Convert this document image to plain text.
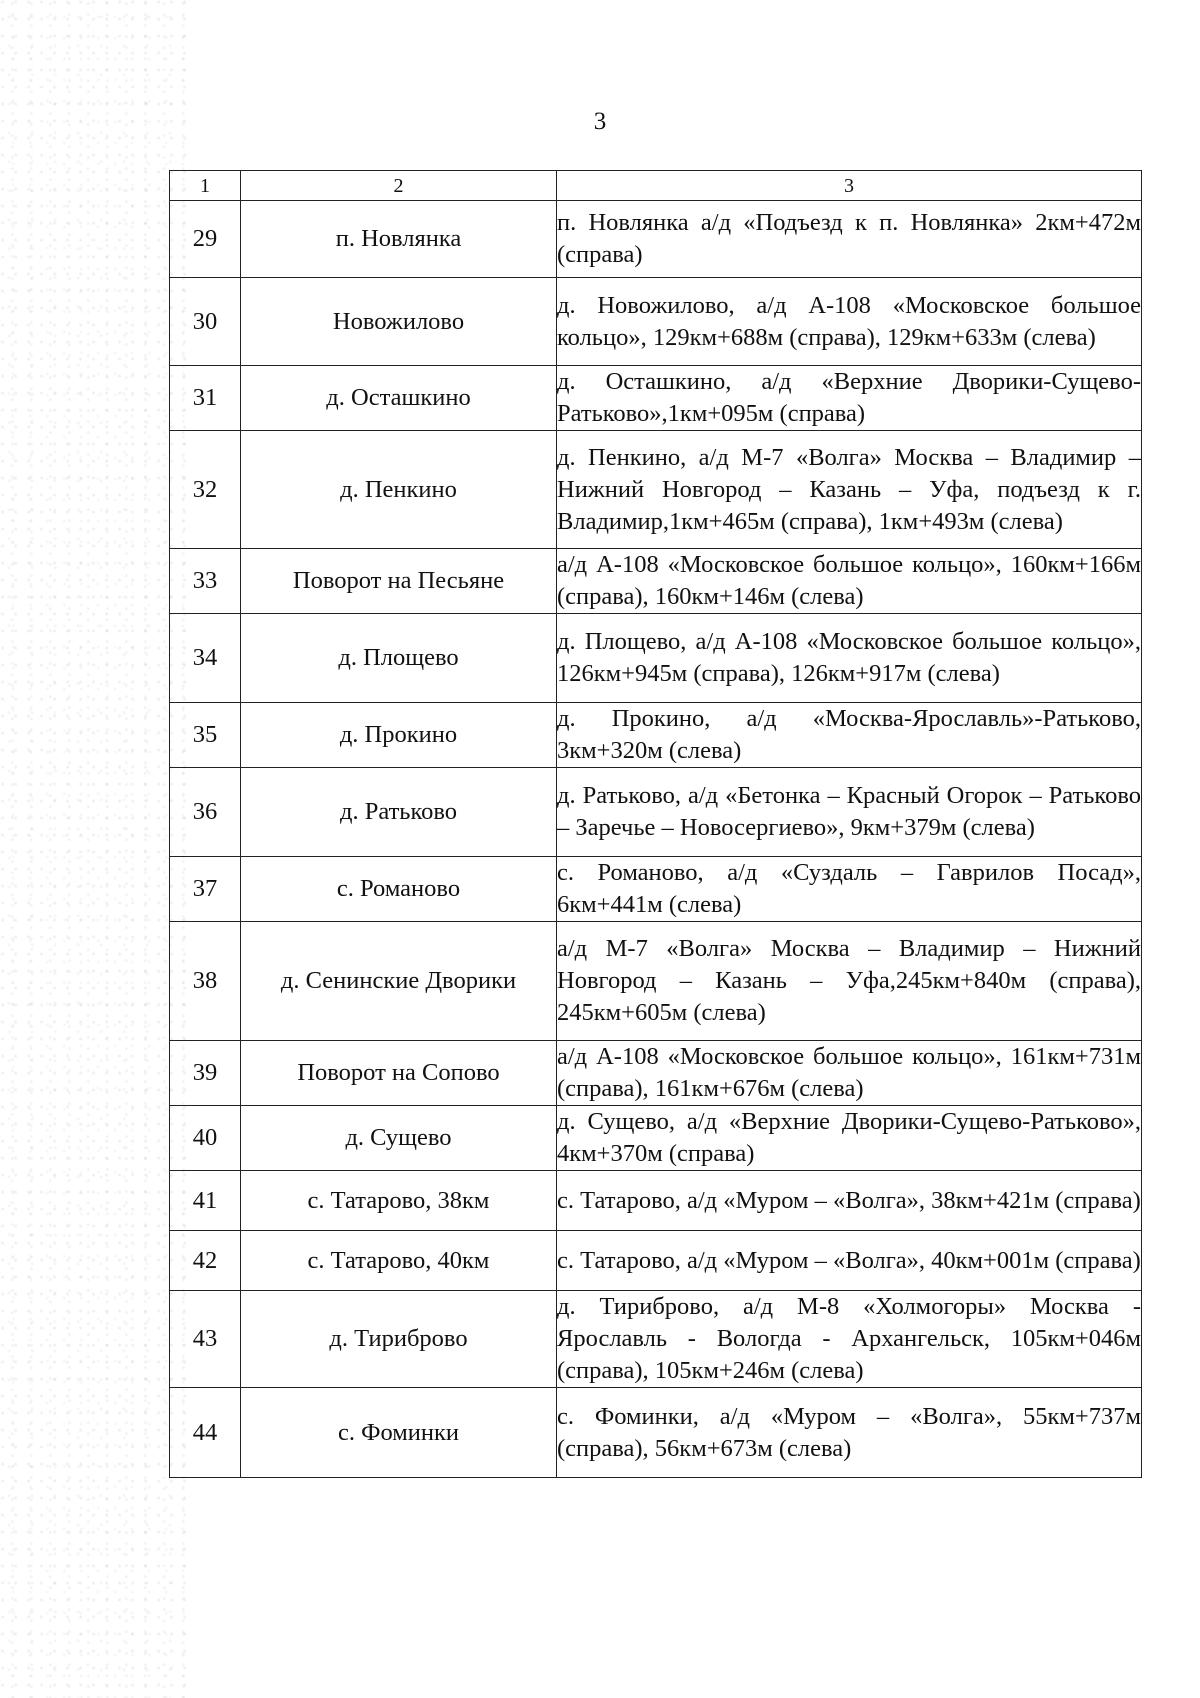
3
1	2	3
29	п. Новлянка	п. Новлянка а/д «Подъезд к п. Новлянка» 2км+472м (справа)
30	Новожилово	д. Новожилово, а/д А-108 «Московское большое кольцо», 129км+688м (справа), 129км+633м (слева)
31	д. Осташкино	д. Осташкино, а/д «Верхние Дворики-Сущево-Ратьково»,1км+095м (справа)
32	д. Пенкино	д. Пенкино, а/д М-7 «Волга» Москва – Владимир – Нижний Новгород – Казань – Уфа, подъезд к г. Владимир,1км+465м (справа), 1км+493м (слева)
33	Поворот на Песьяне	а/д А-108 «Московское большое кольцо», 160км+166м (справа), 160км+146м (слева)
34	д. Площево	д. Площево, а/д А-108 «Московское большое кольцо», 126км+945м (справа), 126км+917м (слева)
35	д. Прокино	д. Прокино, а/д «Москва-Ярославль»-Ратьково, 3км+320м (слева)
36	д. Ратьково	д. Ратьково, а/д «Бетонка – Красный Огорок – Ратьково – Заречье – Новосергиево», 9км+379м (слева)
37	с. Романово	с. Романово, а/д «Суздаль – Гаврилов Посад», 6км+441м (слева)
38	д. Сенинские Дворики	а/д М-7 «Волга» Москва – Владимир – Нижний Новгород – Казань – Уфа,245км+840м (справа), 245км+605м (слева)
39	Поворот на Сопово	а/д А-108 «Московское большое кольцо», 161км+731м (справа), 161км+676м (слева)
40	д. Сущево	д. Сущево, а/д «Верхние Дворики-Сущево-Ратьково», 4км+370м (справа)
41	с. Татарово, 38км	с. Татарово, а/д «Муром – «Волга», 38км+421м (справа)
42	с. Татарово, 40км	с. Татарово, а/д «Муром – «Волга», 40км+001м (справа)
43	д. Тириброво	д. Тириброво, а/д М-8 «Холмогоры» Москва - Ярославль - Вологда - Архангельск, 105км+046м (справа), 105км+246м (слева)
44	с. Фоминки	с. Фоминки, а/д «Муром – «Волга», 55км+737м (справа), 56км+673м (слева)
